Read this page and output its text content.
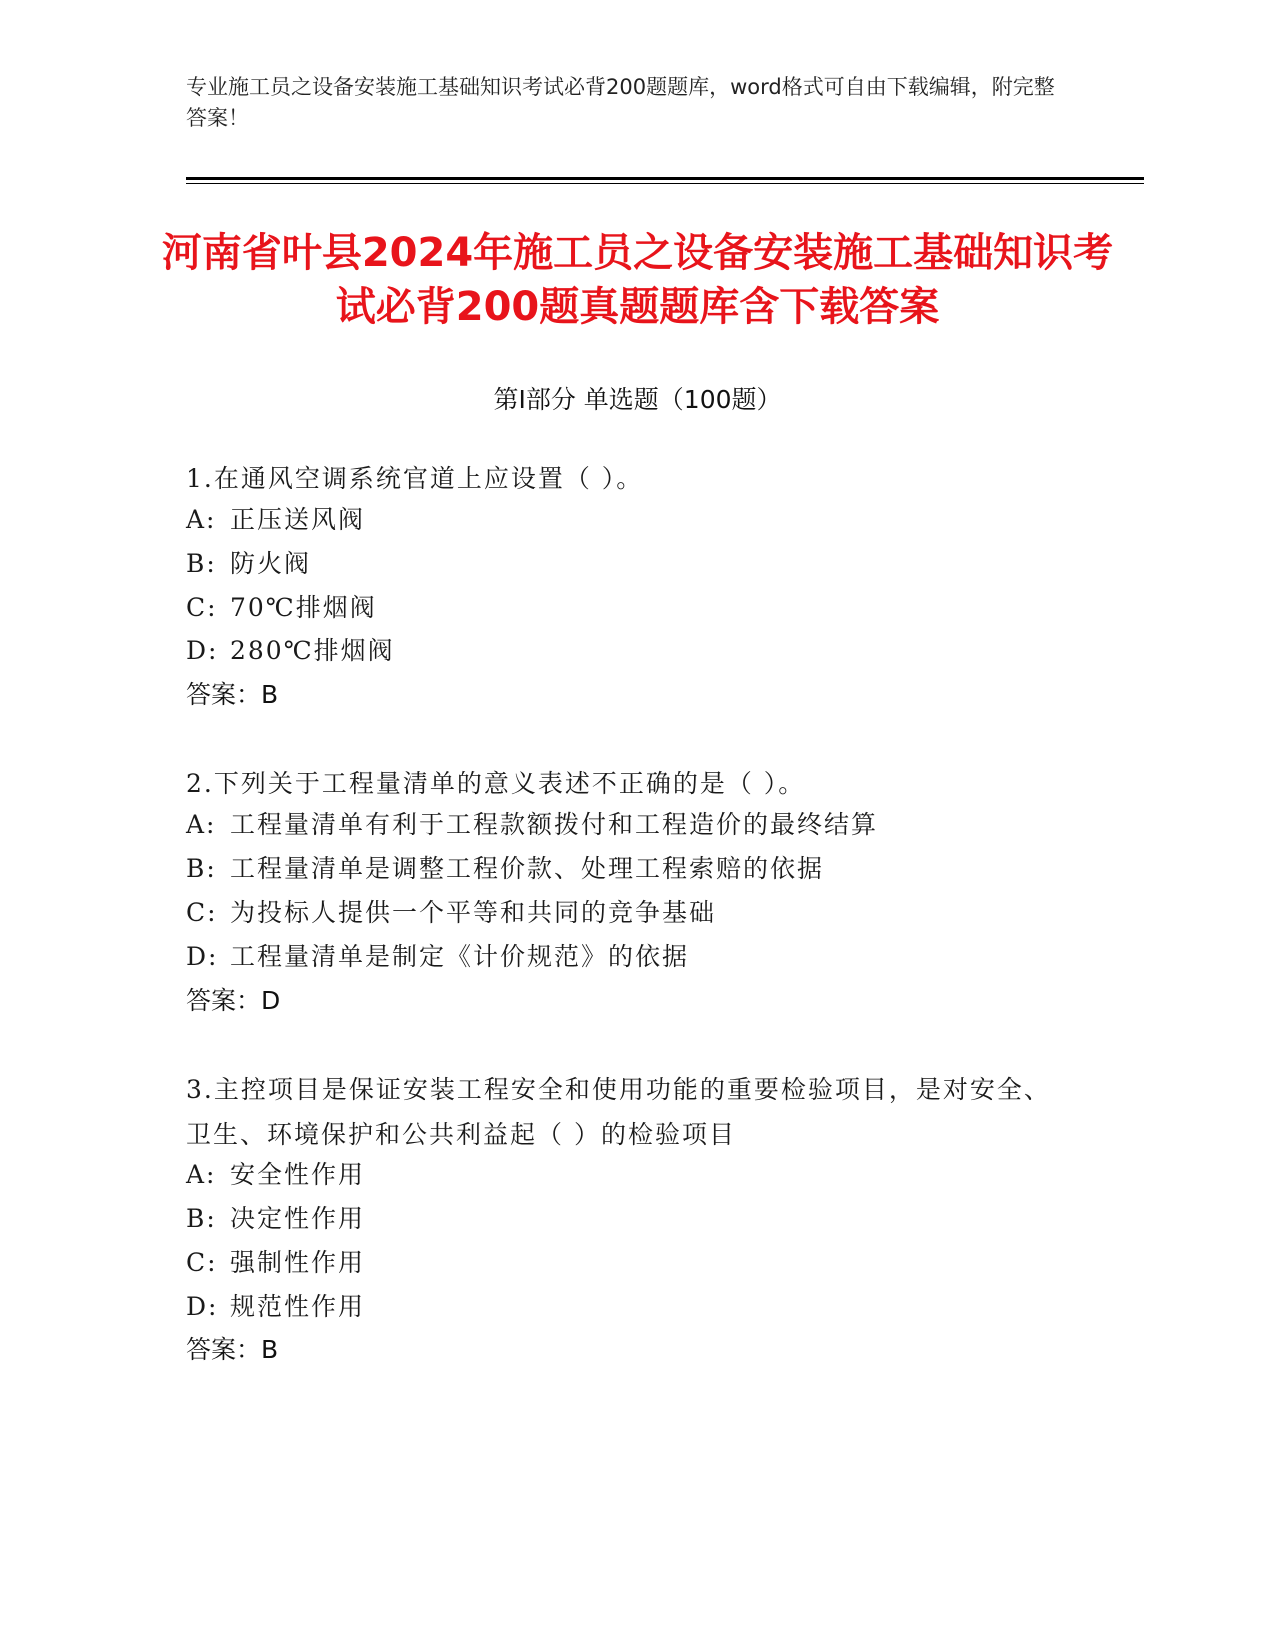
专业施工员之设备安装施工基础知识考试必背200题题库，word格式可自由下载编辑，附完整答案！
河南省叶县2024年施工员之设备安装施工基础知识考试必背200题真题题库含下载答案
第Ⅰ部分 单选题（100题）
1.在通风空调系统官道上应设置（ ）。
A: 正压送风阀
B: 防火阀
C: 70℃排烟阀
D: 280℃排烟阀
答案：B
2.下列关于工程量清单的意义表述不正确的是（ ）。
A: 工程量清单有利于工程款额拨付和工程造价的最终结算
B: 工程量清单是调整工程价款、处理工程索赔的依据
C: 为投标人提供一个平等和共同的竞争基础
D: 工程量清单是制定《计价规范》的依据
答案：D
3.主控项目是保证安装工程安全和使用功能的重要检验项目，是对安全、卫生、环境保护和公共利益起（ ）的检验项目
A: 安全性作用
B: 决定性作用
C: 强制性作用
D: 规范性作用
答案：B
